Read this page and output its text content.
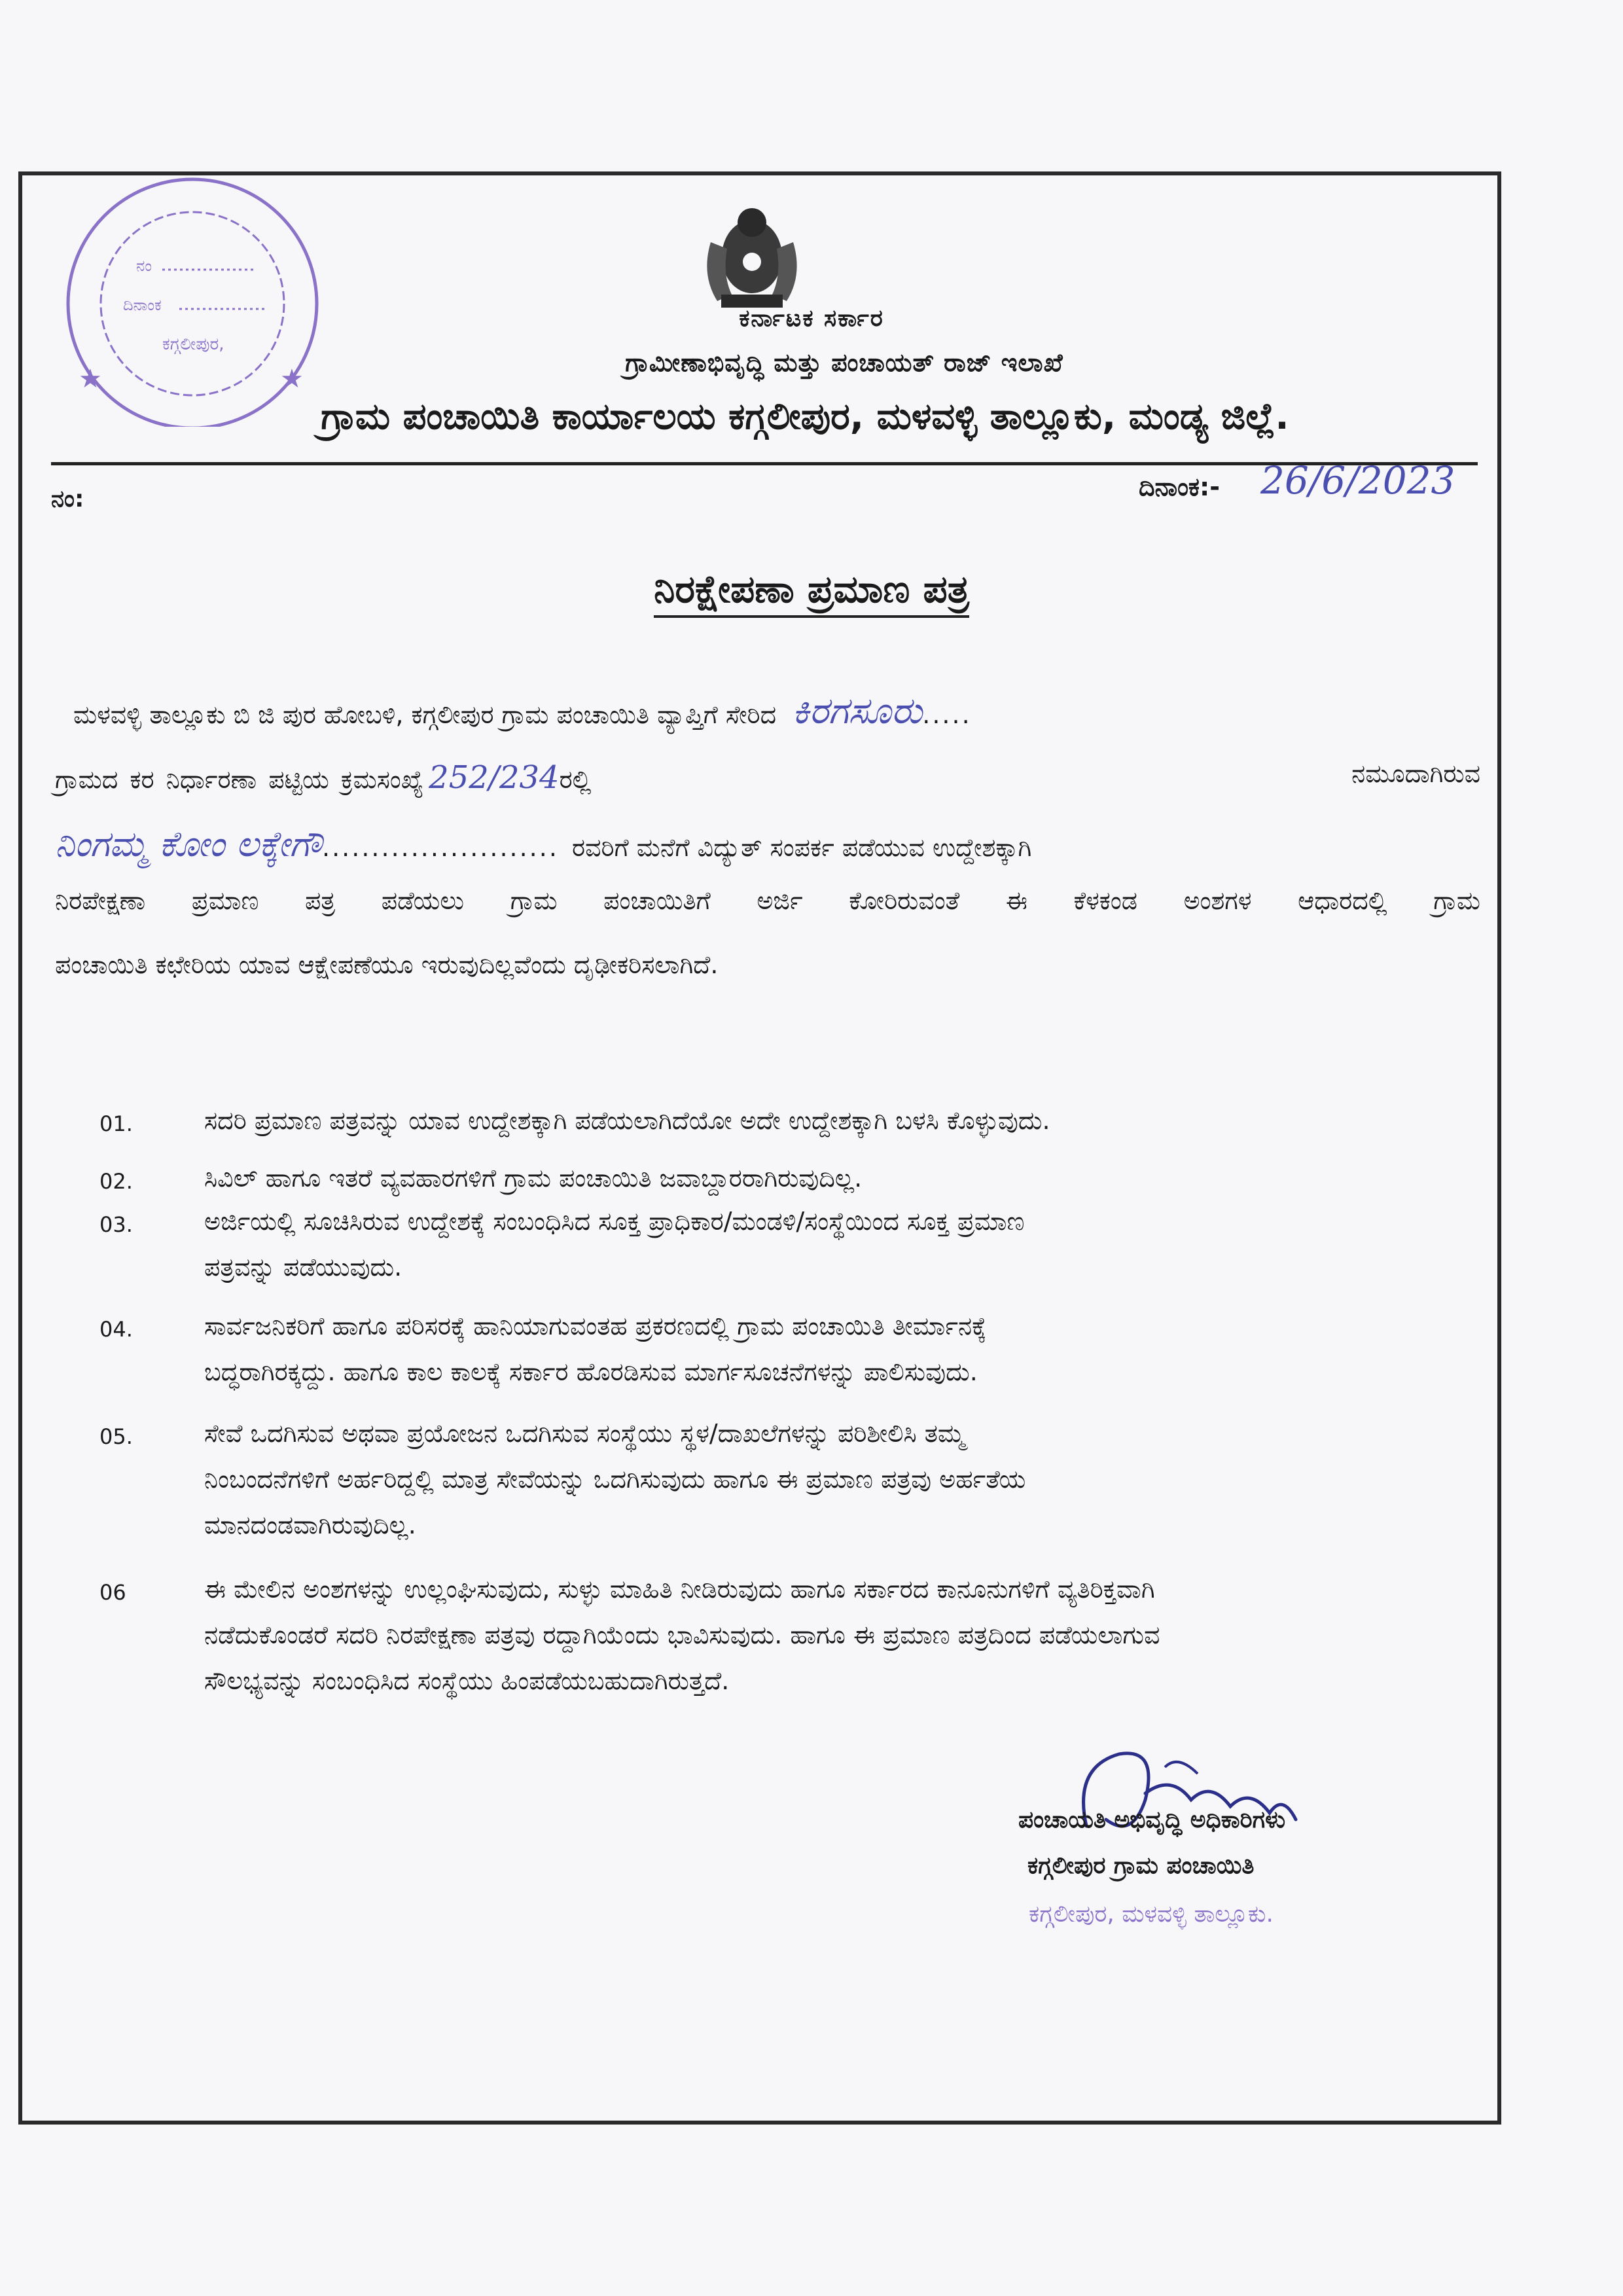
ನಂ
ದಿನಾಂಕ
ಕಗ್ಗಲೀಪುರ,
★	★
ಕರ್ನಾಟಕ ಸರ್ಕಾರ
ಗ್ರಾಮೀಣಾಭಿವೃದ್ಧಿ ಮತ್ತು ಪಂಚಾಯತ್ ರಾಜ್ ಇಲಾಖೆ
ಗ್ರಾಮ ಪಂಚಾಯಿತಿ ಕಾರ್ಯಾಲಯ ಕಗ್ಗಲೀಪುರ, ಮಳವಳ್ಳಿ ತಾಲ್ಲೂಕು, ಮಂಡ್ಯ ಜಿಲ್ಲೆ.
ನಂ:	ದಿನಾಂಕ:- 26/6/2023
ನಿರಕ್ಷೇಪಣಾ ಪ್ರಮಾಣ ಪತ್ರ
ಮಳವಳ್ಳಿ ತಾಲ್ಲೂಕು ಬಿ ಜಿ ಪುರ ಹೋಬಳಿ, ಕಗ್ಗಲೀಪುರ ಗ್ರಾಮ ಪಂಚಾಯಿತಿ ವ್ಯಾಪ್ತಿಗೆ ಸೇರಿದ ಕಿರಗಸೂರು.....
ಗ್ರಾಮದ ಕರ ನಿರ್ಧಾರಣಾ ಪಟ್ಟಿಯ ಕ್ರಮಸಂಖ್ಯೆ 252/234ರಲ್ಲಿ	ನಮೂದಾಗಿರುವ
ನಿಂಗಮ್ಮ ಕೋಂ ಲಕ್ಕೇಗೌ........................ ರವರಿಗೆ ಮನೆಗೆ ವಿದ್ಯುತ್ ಸಂಪರ್ಕ ಪಡೆಯುವ ಉದ್ದೇಶಕ್ಕಾಗಿ
ನಿರಪೇಕ್ಷಣಾ ಪ್ರಮಾಣ ಪತ್ರ ಪಡೆಯಲು ಗ್ರಾಮ ಪಂಚಾಯಿತಿಗೆ ಅರ್ಜಿ ಕೋರಿರುವಂತೆ ಈ ಕೆಳಕಂಡ ಅಂಶಗಳ ಆಧಾರದಲ್ಲಿ ಗ್ರಾಮ
ಪಂಚಾಯಿತಿ ಕಛೇರಿಯ ಯಾವ ಆಕ್ಷೇಪಣೆಯೂ ಇರುವುದಿಲ್ಲವೆಂದು ದೃಢೀಕರಿಸಲಾಗಿದೆ.
01.	ಸದರಿ ಪ್ರಮಾಣ ಪತ್ರವನ್ನು ಯಾವ ಉದ್ದೇಶಕ್ಕಾಗಿ ಪಡೆಯಲಾಗಿದೆಯೋ ಅದೇ ಉದ್ದೇಶಕ್ಕಾಗಿ ಬಳಸಿ ಕೊಳ್ಳುವುದು.
02.	ಸಿವಿಲ್ ಹಾಗೂ ಇತರೆ ವ್ಯವಹಾರಗಳಿಗೆ ಗ್ರಾಮ ಪಂಚಾಯಿತಿ ಜವಾಬ್ದಾರರಾಗಿರುವುದಿಲ್ಲ.
03.	ಅರ್ಜಿಯಲ್ಲಿ ಸೂಚಿಸಿರುವ ಉದ್ದೇಶಕ್ಕೆ ಸಂಬಂಧಿಸಿದ ಸೂಕ್ತ ಪ್ರಾಧಿಕಾರ/ಮಂಡಳಿ/ಸಂಸ್ಥೆಯಿಂದ ಸೂಕ್ತ ಪ್ರಮಾಣ
ಪತ್ರವನ್ನು ಪಡೆಯುವುದು.
04.	ಸಾರ್ವಜನಿಕರಿಗೆ ಹಾಗೂ ಪರಿಸರಕ್ಕೆ ಹಾನಿಯಾಗುವಂತಹ ಪ್ರಕರಣದಲ್ಲಿ ಗ್ರಾಮ ಪಂಚಾಯಿತಿ ತೀರ್ಮಾನಕ್ಕೆ
ಬದ್ಧರಾಗಿರಕ್ಕದ್ದು. ಹಾಗೂ ಕಾಲ ಕಾಲಕ್ಕೆ ಸರ್ಕಾರ ಹೊರಡಿಸುವ ಮಾರ್ಗಸೂಚನೆಗಳನ್ನು ಪಾಲಿಸುವುದು.
05.	ಸೇವೆ ಒದಗಿಸುವ ಅಥವಾ ಪ್ರಯೋಜನ ಒದಗಿಸುವ ಸಂಸ್ಥೆಯು ಸ್ಥಳ/ದಾಖಲೆಗಳನ್ನು ಪರಿಶೀಲಿಸಿ ತಮ್ಮ
ನಿಂಬಂದನೆಗಳಿಗೆ ಅರ್ಹರಿದ್ದಲ್ಲಿ ಮಾತ್ರ ಸೇವೆಯನ್ನು ಒದಗಿಸುವುದು ಹಾಗೂ ಈ ಪ್ರಮಾಣ ಪತ್ರವು ಅರ್ಹತೆಯ
ಮಾನದಂಡವಾಗಿರುವುದಿಲ್ಲ.
06	ಈ ಮೇಲಿನ ಅಂಶಗಳನ್ನು ಉಲ್ಲಂಘಿಸುವುದು, ಸುಳ್ಳು ಮಾಹಿತಿ ನೀಡಿರುವುದು ಹಾಗೂ ಸರ್ಕಾರದ ಕಾನೂನುಗಳಿಗೆ ವ್ಯತಿರಿಕ್ತವಾಗಿ
ನಡೆದುಕೊಂಡರೆ ಸದರಿ ನಿರಪೇಕ್ಷಣಾ ಪತ್ರವು ರದ್ದಾಗಿಯೆಂದು ಭಾವಿಸುವುದು. ಹಾಗೂ ಈ ಪ್ರಮಾಣ ಪತ್ರದಿಂದ ಪಡೆಯಲಾಗುವ
ಸೌಲಭ್ಯವನ್ನು ಸಂಬಂಧಿಸಿದ ಸಂಸ್ಥೆಯು ಹಿಂಪಡೆಯಬಹುದಾಗಿರುತ್ತದೆ.
ಪಂಚಾಯತಿ ಅಭಿವೃದ್ಧಿ ಅಧಿಕಾರಿಗಳು
ಕಗ್ಗಲೀಪುರ ಗ್ರಾಮ ಪಂಚಾಯಿತಿ
ಕಗ್ಗಲೀಪುರ, ಮಳವಳ್ಳಿ ತಾಲ್ಲೂಕು.
